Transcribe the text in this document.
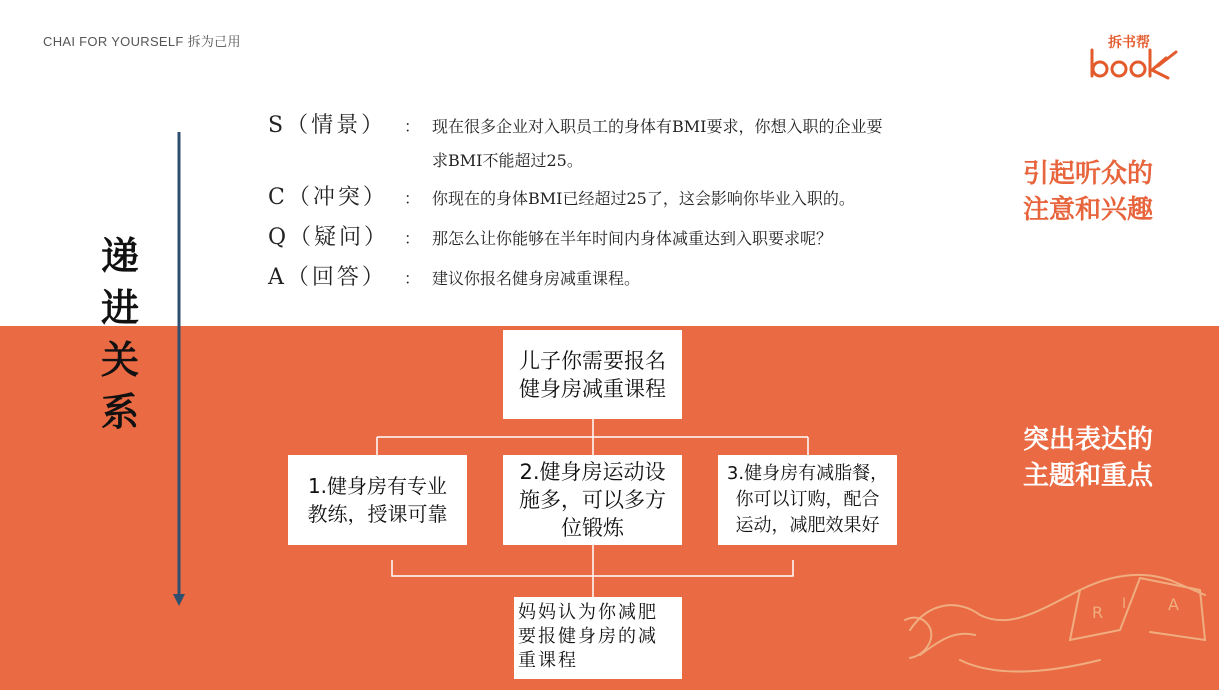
CHAI FOR YOURSELF 拆为己用	拆书帮
S（情景） ： 现在很多企业对入职员工的身体有BMI要求，你想入职的企业要
求BMI不能超过25。
C（冲突） ： 你现在的身体BMI已经超过25了，这会影响你毕业入职的。
Q（疑问） ： 那怎么让你能够在半年时间内身体减重达到入职要求呢？
A（回答） ： 建议你报名健身房减重课程。
引起听众的
注意和兴趣
R I	A
递
进
关
系
突出表达的
主题和重点
儿子你需要报名
健身房减重课程
1.健身房有专业
教练，授课可靠
2.健身房运动设
施多，可以多方
位锻炼
3.健身房有减脂餐，
你可以订购，配合
运动，减肥效果好
妈妈认为你减肥
要报健身房的减
重课程
